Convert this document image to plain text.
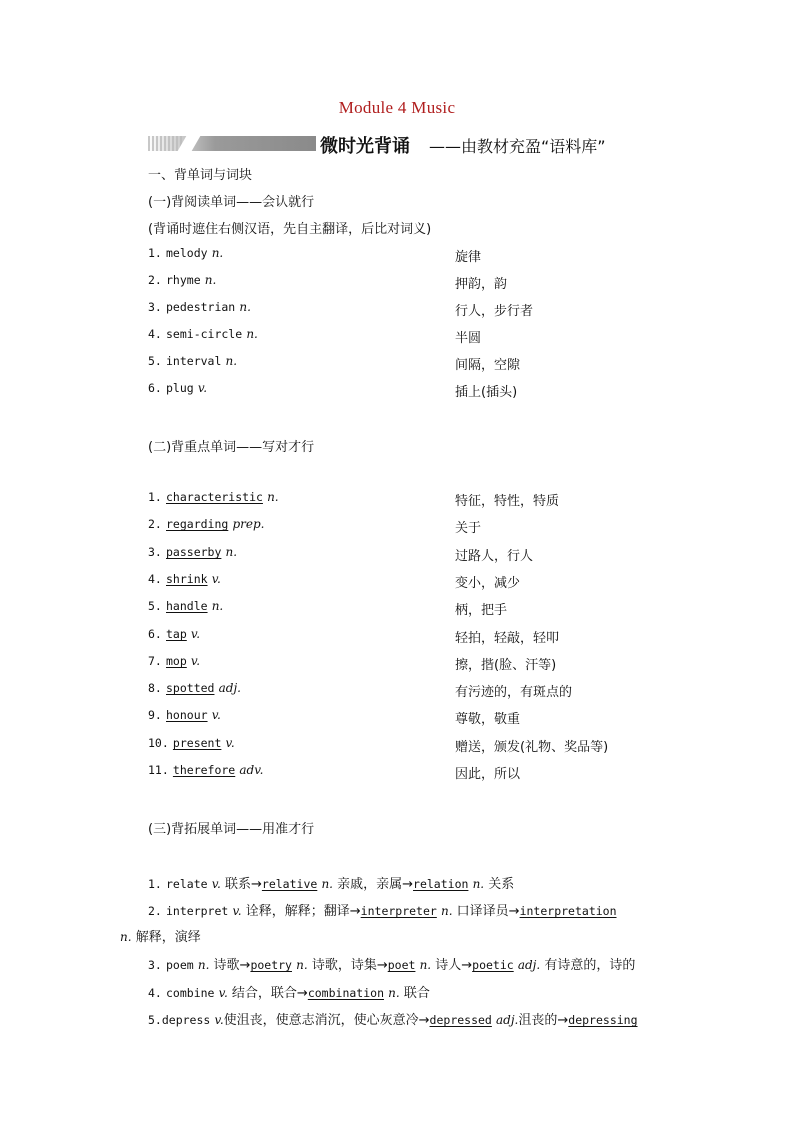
Module 4 Music
微时光背诵 ——由教材充盈“语料库”
一、背单词与词块
(一)背阅读单词——会认就行
(背诵时遮住右侧汉语，先自主翻译，后比对词义)
1. melody n.	旋律
2. rhyme n.	押韵，韵
3. pedestrian n.	行人，步行者
4. semi-circle n.	半圆
5. interval n.	间隔，空隙
6. plug v.	插上(插头)
(二)背重点单词——写对才行
1. characteristic n.	特征，特性，特质
2. regarding prep.	关于
3. passerby n.	过路人，行人
4. shrink v.	变小，减少
5. handle n.	柄，把手
6. tap v.	轻拍，轻敲，轻叩
7. mop v.	擦，揩(脸、汗等)
8. spotted adj.	有污迹的，有斑点的
9. honour v.	尊敬，敬重
10. present v.	赠送，颁发(礼物、奖品等)
11. therefore adv.	因此，所以
(三)背拓展单词——用准才行
1. relate v. 联系→relative n. 亲戚，亲属→relation n. 关系
2. interpret v. 诠释，解释；翻译→interpreter n. 口译译员→interpretation
n. 解释，演绎
3. poem n. 诗歌→poetry n. 诗歌，诗集→poet n. 诗人→poetic adj. 有诗意的，诗的
4. combine v. 结合，联合→combination n. 联合
5.depress v.使沮丧，使意志消沉，使心灰意冷→depressed adj.沮丧的→depressing
